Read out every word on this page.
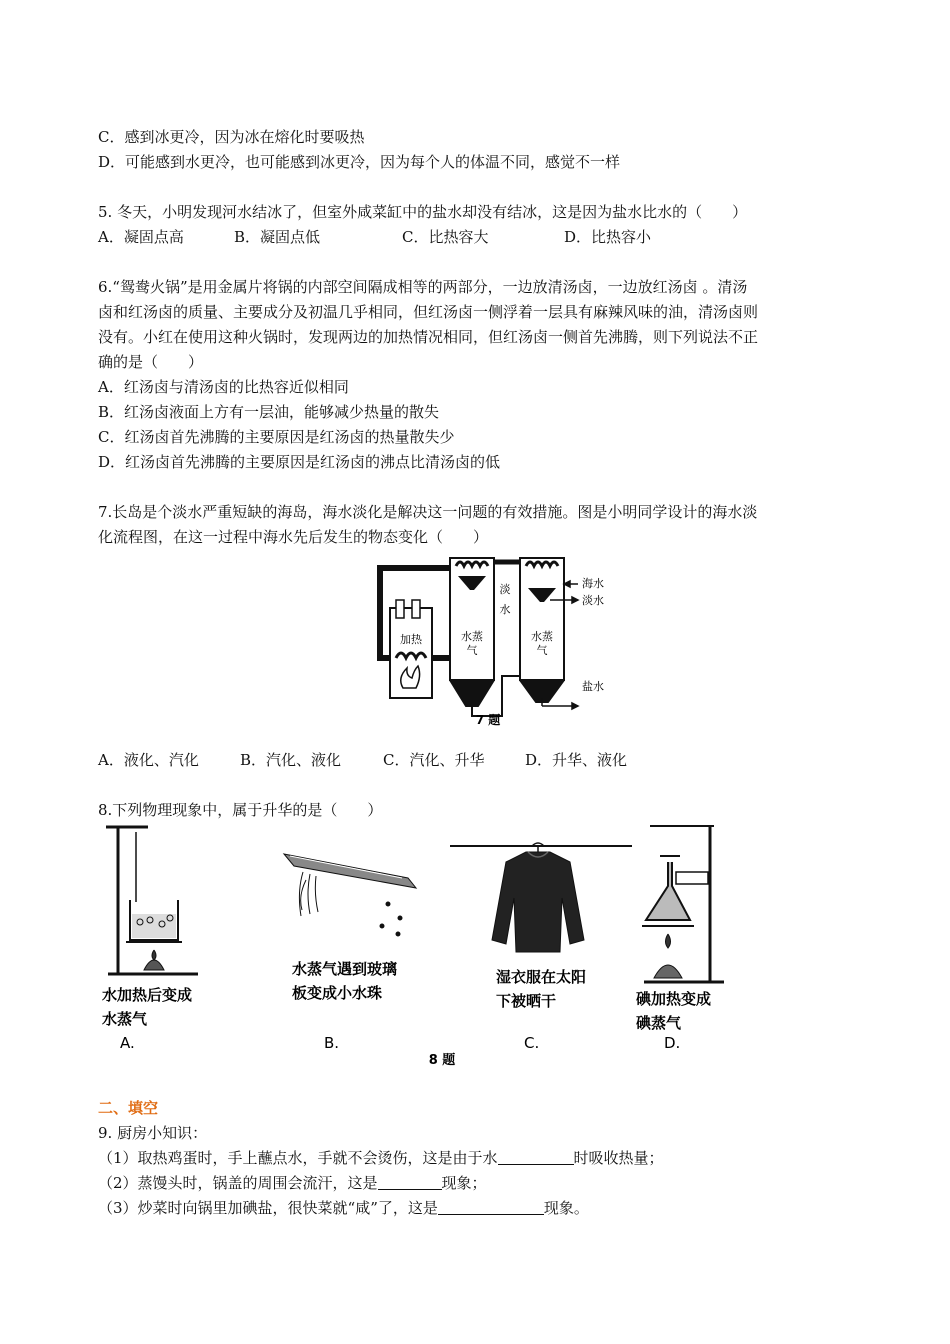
C．感到冰更冷，因为冰在熔化时要吸热
D．可能感到水更冷，也可能感到冰更冷，因为每个人的体温不同，感觉不一样
5. 冬天，小明发现河水结冰了，但室外咸菜缸中的盐水却没有结冰，这是因为盐水比水的（　　）
A．凝固点高	B．凝固点低	C．比热容大	D．比热容小
6.“鸳鸯火锅”是用金属片将锅的内部空间隔成相等的两部分，一边放清汤卤，一边放红汤卤 。清汤
卤和红汤卤的质量、主要成分及初温几乎相同，但红汤卤一侧浮着一层具有麻辣风味的油，清汤卤则
没有。小红在使用这种火锅时，发现两边的加热情况相同，但红汤卤一侧首先沸腾，则下列说法不正
确的是（　　）
A．红汤卤与清汤卤的比热容近似相同
B．红汤卤液面上方有一层油，能够减少热量的散失
C．红汤卤首先沸腾的主要原因是红汤卤的热量散失少
D．红汤卤首先沸腾的主要原因是红汤卤的沸点比清汤卤的低
7.长岛是个淡水严重短缺的海岛，海水淡化是解决这一问题的有效措施。图是小明同学设计的海水淡
化流程图，在这一过程中海水先后发生的物态变化（　　）
加热	水蒸
气
淡
水
水蒸
气
海水
淡水
盐水
7 题
A．液化、汽化	B．汽化、液化	C．汽化、升华	D．升华、液化
8.下列物理现象中，属于升华的是（　　）
水加热后变成
水蒸气
A.
水蒸气遇到玻璃
板变成小水珠
B.
湿衣服在太阳
下被晒干
C.
碘加热变成
碘蒸气
D.
8 题
二、填空
9. 厨房小知识：
（1）取热鸡蛋时，手上蘸点水，手就不会烫伤，这是由于水	时吸收热量；
（2）蒸馒头时，锅盖的周围会流汗，这是	现象；
（3）炒菜时向锅里加碘盐，很快菜就“咸”了，这是	现象。
